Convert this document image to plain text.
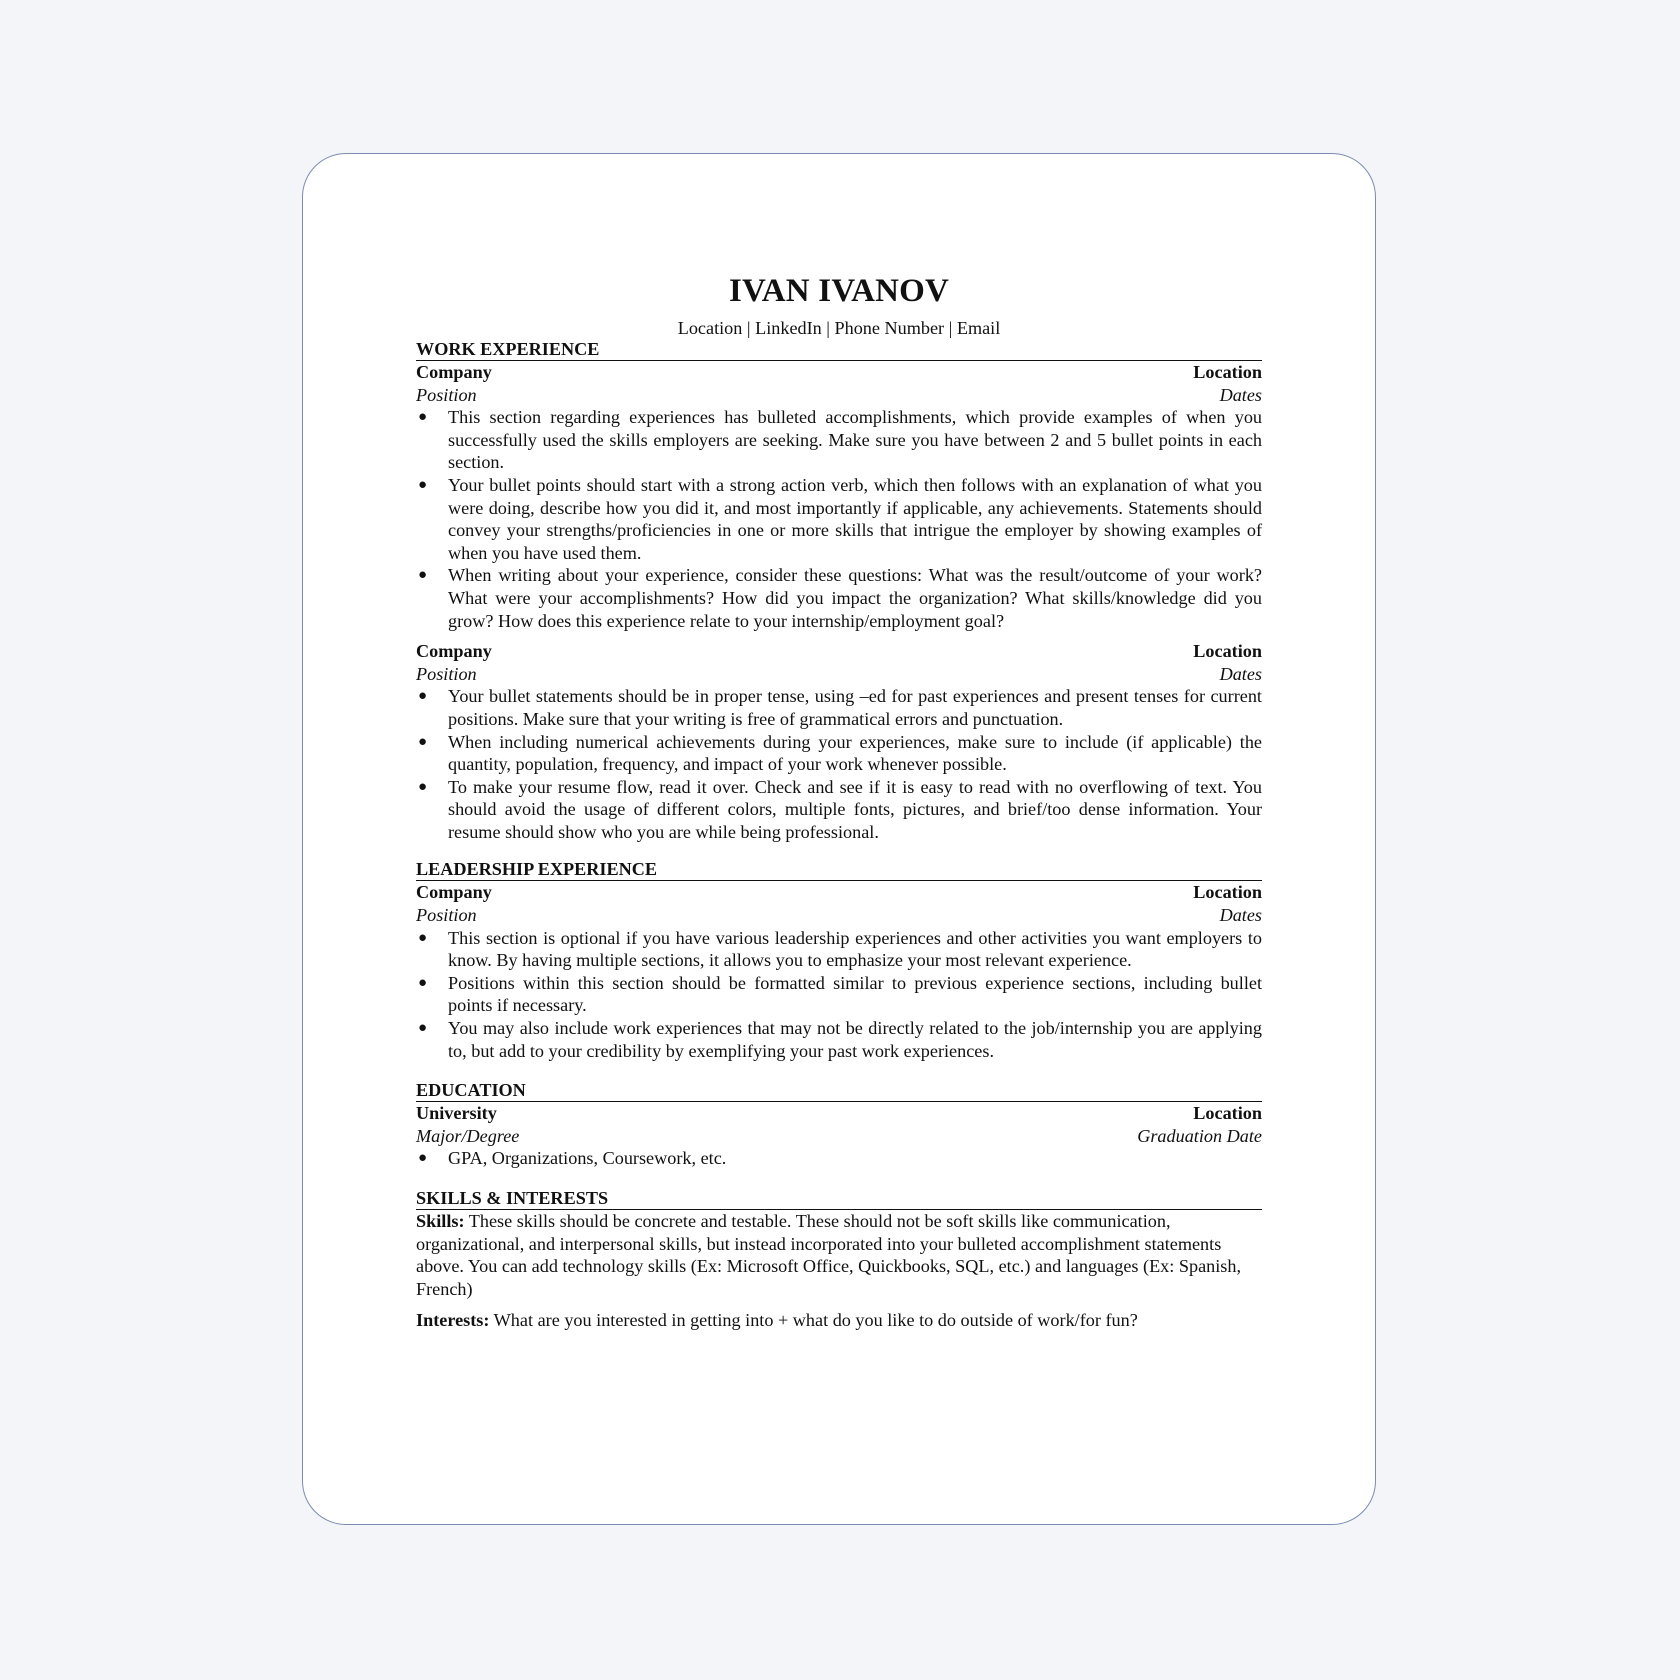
IVAN IVANOV
Location | LinkedIn | Phone Number | Email
WORK EXPERIENCE
Company	Location
Position	Dates
● This section regarding experiences has bulleted accomplishments, which provide examples of when you successfully used the skills employers are seeking. Make sure you have between 2 and 5 bullet points in each section.
● Your bullet points should start with a strong action verb, which then follows with an explanation of what you were doing, describe how you did it, and most importantly if applicable, any achievements. Statements should convey your strengths/proficiencies in one or more skills that intrigue the employer by showing examples of when you have used them.
● When writing about your experience, consider these questions: What was the result/outcome of your work? What were your accomplishments? How did you impact the organization? What skills/knowledge did you grow? How does this experience relate to your internship/employment goal?
Company	Location
Position	Dates
● Your bullet statements should be in proper tense, using –ed for past experiences and present tenses for current positions. Make sure that your writing is free of grammatical errors and punctuation.
● When including numerical achievements during your experiences, make sure to include (if applicable) the quantity, population, frequency, and impact of your work whenever possible.
● To make your resume flow, read it over. Check and see if it is easy to read with no overflowing of text. You should avoid the usage of different colors, multiple fonts, pictures, and brief/too dense information. Your resume should show who you are while being professional.
LEADERSHIP EXPERIENCE
Company	Location
Position	Dates
● This section is optional if you have various leadership experiences and other activities you want employers to know. By having multiple sections, it allows you to emphasize your most relevant experience.
● Positions within this section should be formatted similar to previous experience sections, including bullet points if necessary.
● You may also include work experiences that may not be directly related to the job/internship you are applying to, but add to your credibility by exemplifying your past work experiences.
EDUCATION
University	Location
Major/Degree	Graduation Date
● GPA, Organizations, Coursework, etc.
SKILLS & INTERESTS
Skills: These skills should be concrete and testable. These should not be soft skills like communication, organizational, and interpersonal skills, but instead incorporated into your bulleted accomplishment statements above. You can add technology skills (Ex: Microsoft Office, Quickbooks, SQL, etc.) and languages (Ex: Spanish, French)
Interests: What are you interested in getting into + what do you like to do outside of work/for fun?
